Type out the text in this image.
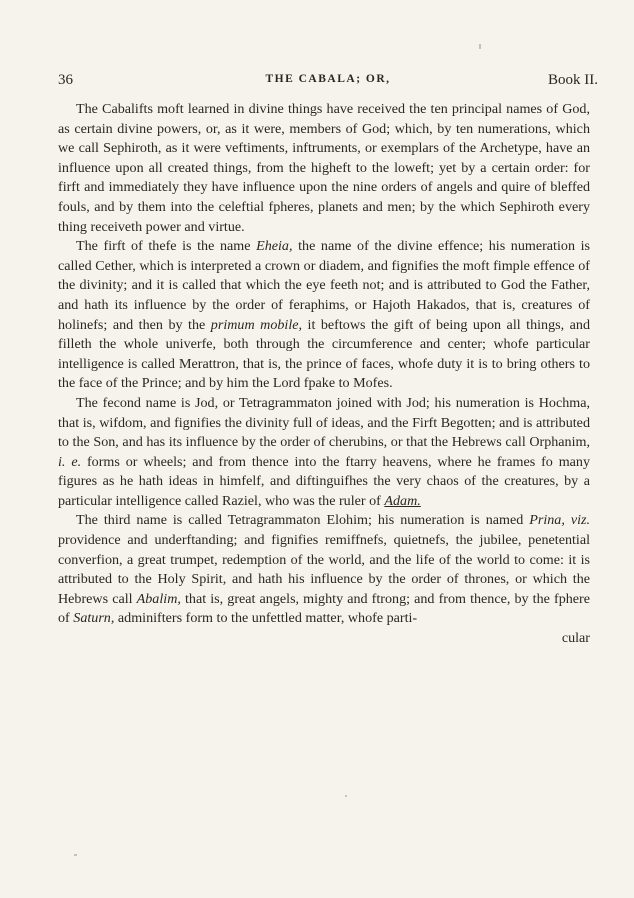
36	THE CABALA; OR,	Book II.

The Cabalifts moft learned in divine things have received the ten principal names of God, as certain divine powers, or, as it were, members of God; which, by ten numerations, which we call Sephiroth, as it were veftiments, inftruments, or exemplars of the Archetype, have an influence upon all created things, from the higheft to the loweft; yet by a certain order: for firft and immediately they have influence upon the nine orders of angels and quire of bleffed fouls, and by them into the celeftial fpheres, planets and men; by the which Sephiroth every thing receiveth power and virtue.

The firft of thefe is the name Eheia, the name of the divine effence; his numeration is called Cether, which is interpreted a crown or diadem, and fignifies the moft fimple effence of the divinity; and it is called that which the eye feeth not; and is attributed to God the Father, and hath its influence by the order of feraphims, or Hajoth Hakados, that is, creatures of holinefs; and then by the primum mobile, it beftows the gift of being upon all things, and filleth the whole univerfe, both through the circumference and center; whofe particular intelligence is called Merattron, that is, the prince of faces, whofe duty it is to bring others to the face of the Prince; and by him the Lord fpake to Mofes.

The fecond name is Jod, or Tetragrammaton joined with Jod; his numeration is Hochma, that is, wifdom, and fignifies the divinity full of ideas, and the Firft Begotten; and is attributed to the Son, and has its influence by the order of cherubins, or that the Hebrews call Orphanim, i. e. forms or wheels; and from thence into the ftarry heavens, where he frames fo many figures as he hath ideas in himfelf, and diftinguifhes the very chaos of the creatures, by a particular intelligence called Raziel, who was the ruler of Adam.

The third name is called Tetragrammaton Elohim; his numeration is named Prina, viz. providence and underftanding; and fignifies remiffnefs, quietnefs, the jubilee, penetential converfion, a great trumpet, redemption of the world, and the life of the world to come: it is attributed to the Holy Spirit, and hath his influence by the order of thrones, or which the Hebrews call Abalim, that is, great angels, mighty and ftrong; and from thence, by the fphere of Saturn, adminifters form to the unfettled matter, whofe parti-

cular
